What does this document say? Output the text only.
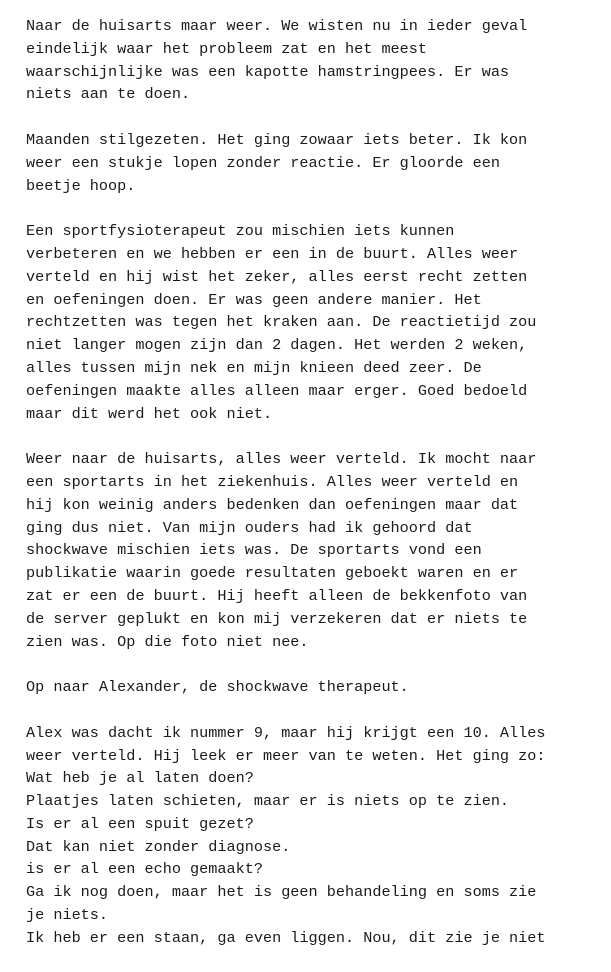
Naar de huisarts maar weer. We wisten nu in ieder geval
eindelijk waar het probleem zat en het meest
waarschijnlijke was een kapotte hamstringpees. Er was
niets aan te doen.
Maanden stilgezeten. Het ging zowaar iets beter. Ik kon
weer een stukje lopen zonder reactie. Er gloorde een
beetje hoop.
Een sportfysioterapeut zou mischien iets kunnen
verbeteren en we hebben er een in de buurt. Alles weer
verteld en hij wist het zeker, alles eerst recht zetten
en oefeningen doen. Er was geen andere manier. Het
rechtzetten was tegen het kraken aan. De reactietijd zou
niet langer mogen zijn dan 2 dagen. Het werden 2 weken,
alles tussen mijn nek en mijn knieen deed zeer. De
oefeningen maakte alles alleen maar erger. Goed bedoeld
maar dit werd het ook niet.
Weer naar de huisarts, alles weer verteld. Ik mocht naar
een sportarts in het ziekenhuis. Alles weer verteld en
hij kon weinig anders bedenken dan oefeningen maar dat
ging dus niet. Van mijn ouders had ik gehoord dat
shockwave mischien iets was. De sportarts vond een
publikatie waarin goede resultaten geboekt waren en er
zat er een de buurt. Hij heeft alleen de bekkenfoto van
de server geplukt en kon mij verzekeren dat er niets te
zien was. Op die foto niet nee.
Op naar Alexander, de shockwave therapeut.
Alex was dacht ik nummer 9, maar hij krijgt een 10. Alles
weer verteld. Hij leek er meer van te weten. Het ging zo:
Wat heb je al laten doen?
Plaatjes laten schieten, maar er is niets op te zien.
Is er al een spuit gezet?
Dat kan niet zonder diagnose.
is er al een echo gemaakt?
Ga ik nog doen, maar het is geen behandeling en soms zie
je niets.
Ik heb er een staan, ga even liggen. Nou, dit zie je niet
